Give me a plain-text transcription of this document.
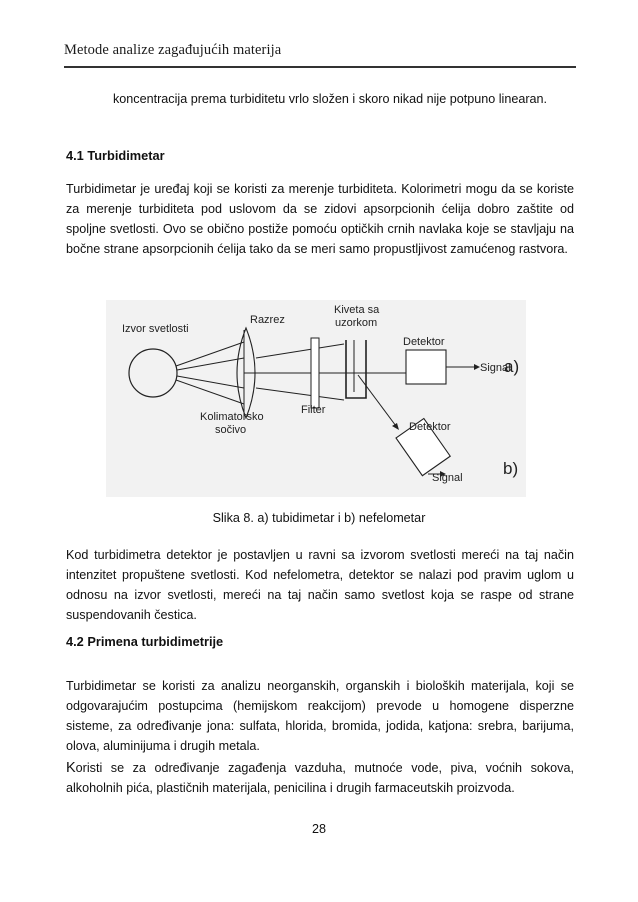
Metode analize zagađujućih materija
koncentracija prema turbiditetu vrlo složen i skoro nikad nije potpuno linearan.
4.1 Turbidimetar
Turbidimetar je uređaj koji se koristi za merenje turbiditeta. Kolorimetri mogu da se koriste za merenje turbiditeta pod uslovom da se zidovi apsorpcionih ćelija dobro zaštite od spoljne svetlosti. Ovo se obično postiže pomoću optičkih crnih navlaka koje se stavljaju na bočne strane apsorpcionih ćelija tako da se meri samo propustljivost zamućenog rastvora.
Izvor svetlosti
Razrez
Kiveta sa
uzorkom
Detektor
Signal
a)
Kolimatorsko
sočivo
Filter
Detektor
Signal b)
Slika 8. a) tubidimetar i b) nefelometar
Kod turbidimetra detektor je postavljen u ravni sa izvorom svetlosti mereći na taj način intenzitet propuštene svetlosti. Kod nefelometra, detektor se nalazi pod pravim uglom u odnosu na izvor svetlosti, mereći na taj način samo svetlost koja se raspe od strane suspendovanih čestica.
4.2 Primena turbidimetrije
Turbidimetar se koristi za analizu neorganskih, organskih i bioloških materijala, koji se odgovarajućim postupcima (hemijskom reakcijom) prevode u homogene disperzne sisteme, za određivanje jona: sulfata, hlorida, bromida, jodida, katjona: srebra, barijuma, olova, aluminijuma i drugih metala.
Koristi se za određivanje zagađenja vazduha, mutnoće vode, piva, voćnih sokova, alkoholnih pića, plastičnih materijala, penicilina i drugih farmaceutskih proizvoda.
28
